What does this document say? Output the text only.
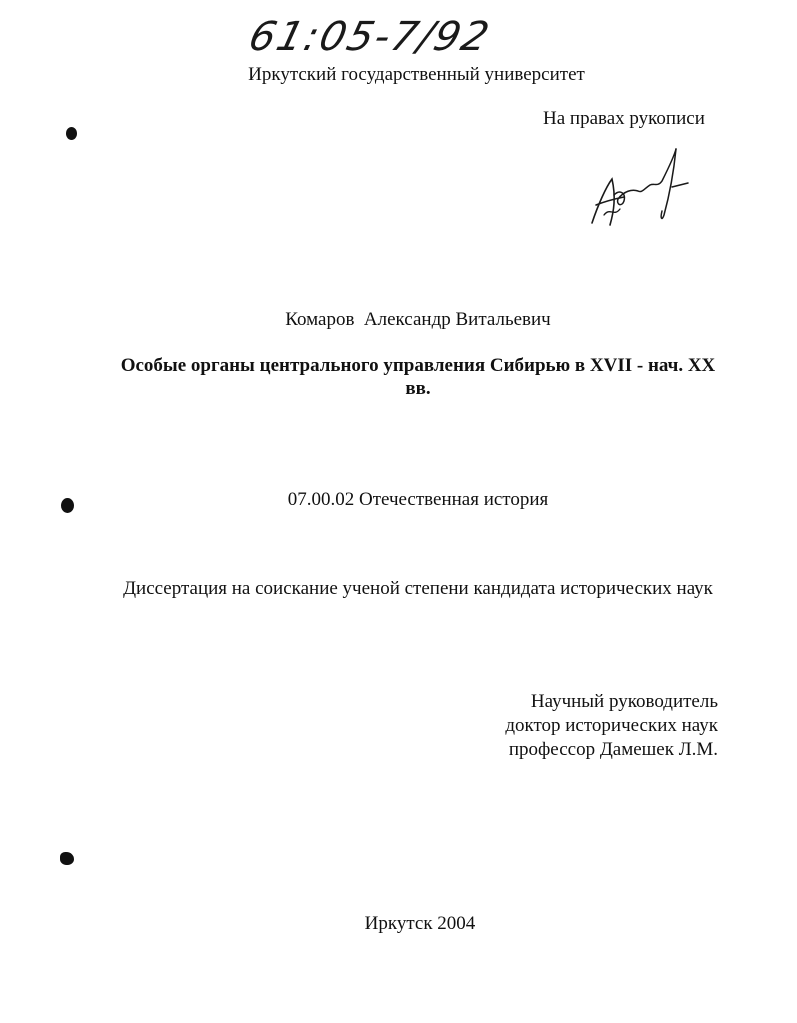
61:05-7/92
Иркутский государственный университет
На правах рукописи
Комаров  Александр Витальевич
Особые органы центрального управления Сибирью в XVII - нач. XX вв.
07.00.02 Отечественная история
Диссертация на соискание ученой степени кандидата исторических наук
Научный руководитель
доктор исторических наук
профессор Дамешек Л.М.
Иркутск 2004
